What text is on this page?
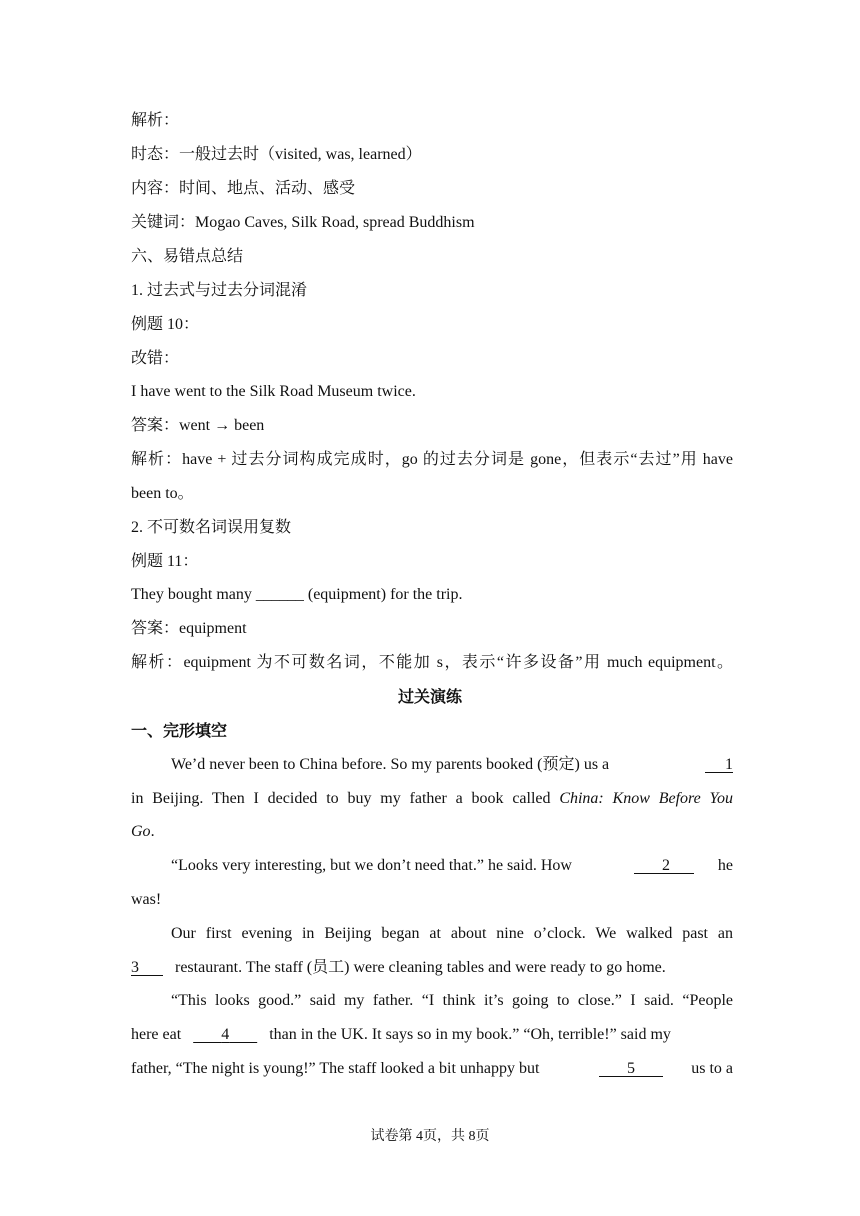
解析：
时态：一般过去时（visited, was, learned）
内容：时间、地点、活动、感受
关键词：Mogao Caves, Silk Road, spread Buddhism
六、易错点总结
1. 过去式与过去分词混淆
例题 10：
改错：
I have went to the Silk Road Museum twice.
答案：went → been
解析：have + 过去分词构成完成时，go 的过去分词是 gone，但表示“去过”用 have
been to。
2. 不可数名词误用复数
例题 11：
They bought many ______ (equipment) for the trip.
答案：equipment
解析：equipment 为不可数名词，不能加 s，表示“许多设备”用 much equipment。
过关演练
一、完形填空
We’d never been to China before. So my parents booked (预定) us a	1
in Beijing. Then I decided to buy my father a book called China: Know Before You
Go.
“Looks very interesting, but we don’t need that.” he said. How	2	he
was!
Our first evening in Beijing began at about nine o’clock. We walked past an
3 restaurant. The staff (员工) were cleaning tables and were ready to go home.
“This looks good.” said my father. “I think it’s going to close.” I said. “People
here eat	4	than in the UK. It says so in my book.” “Oh, terrible!” said my
father, “The night is young!” The staff looked a bit unhappy but	5	us to a
试卷第 4页，共 8页
